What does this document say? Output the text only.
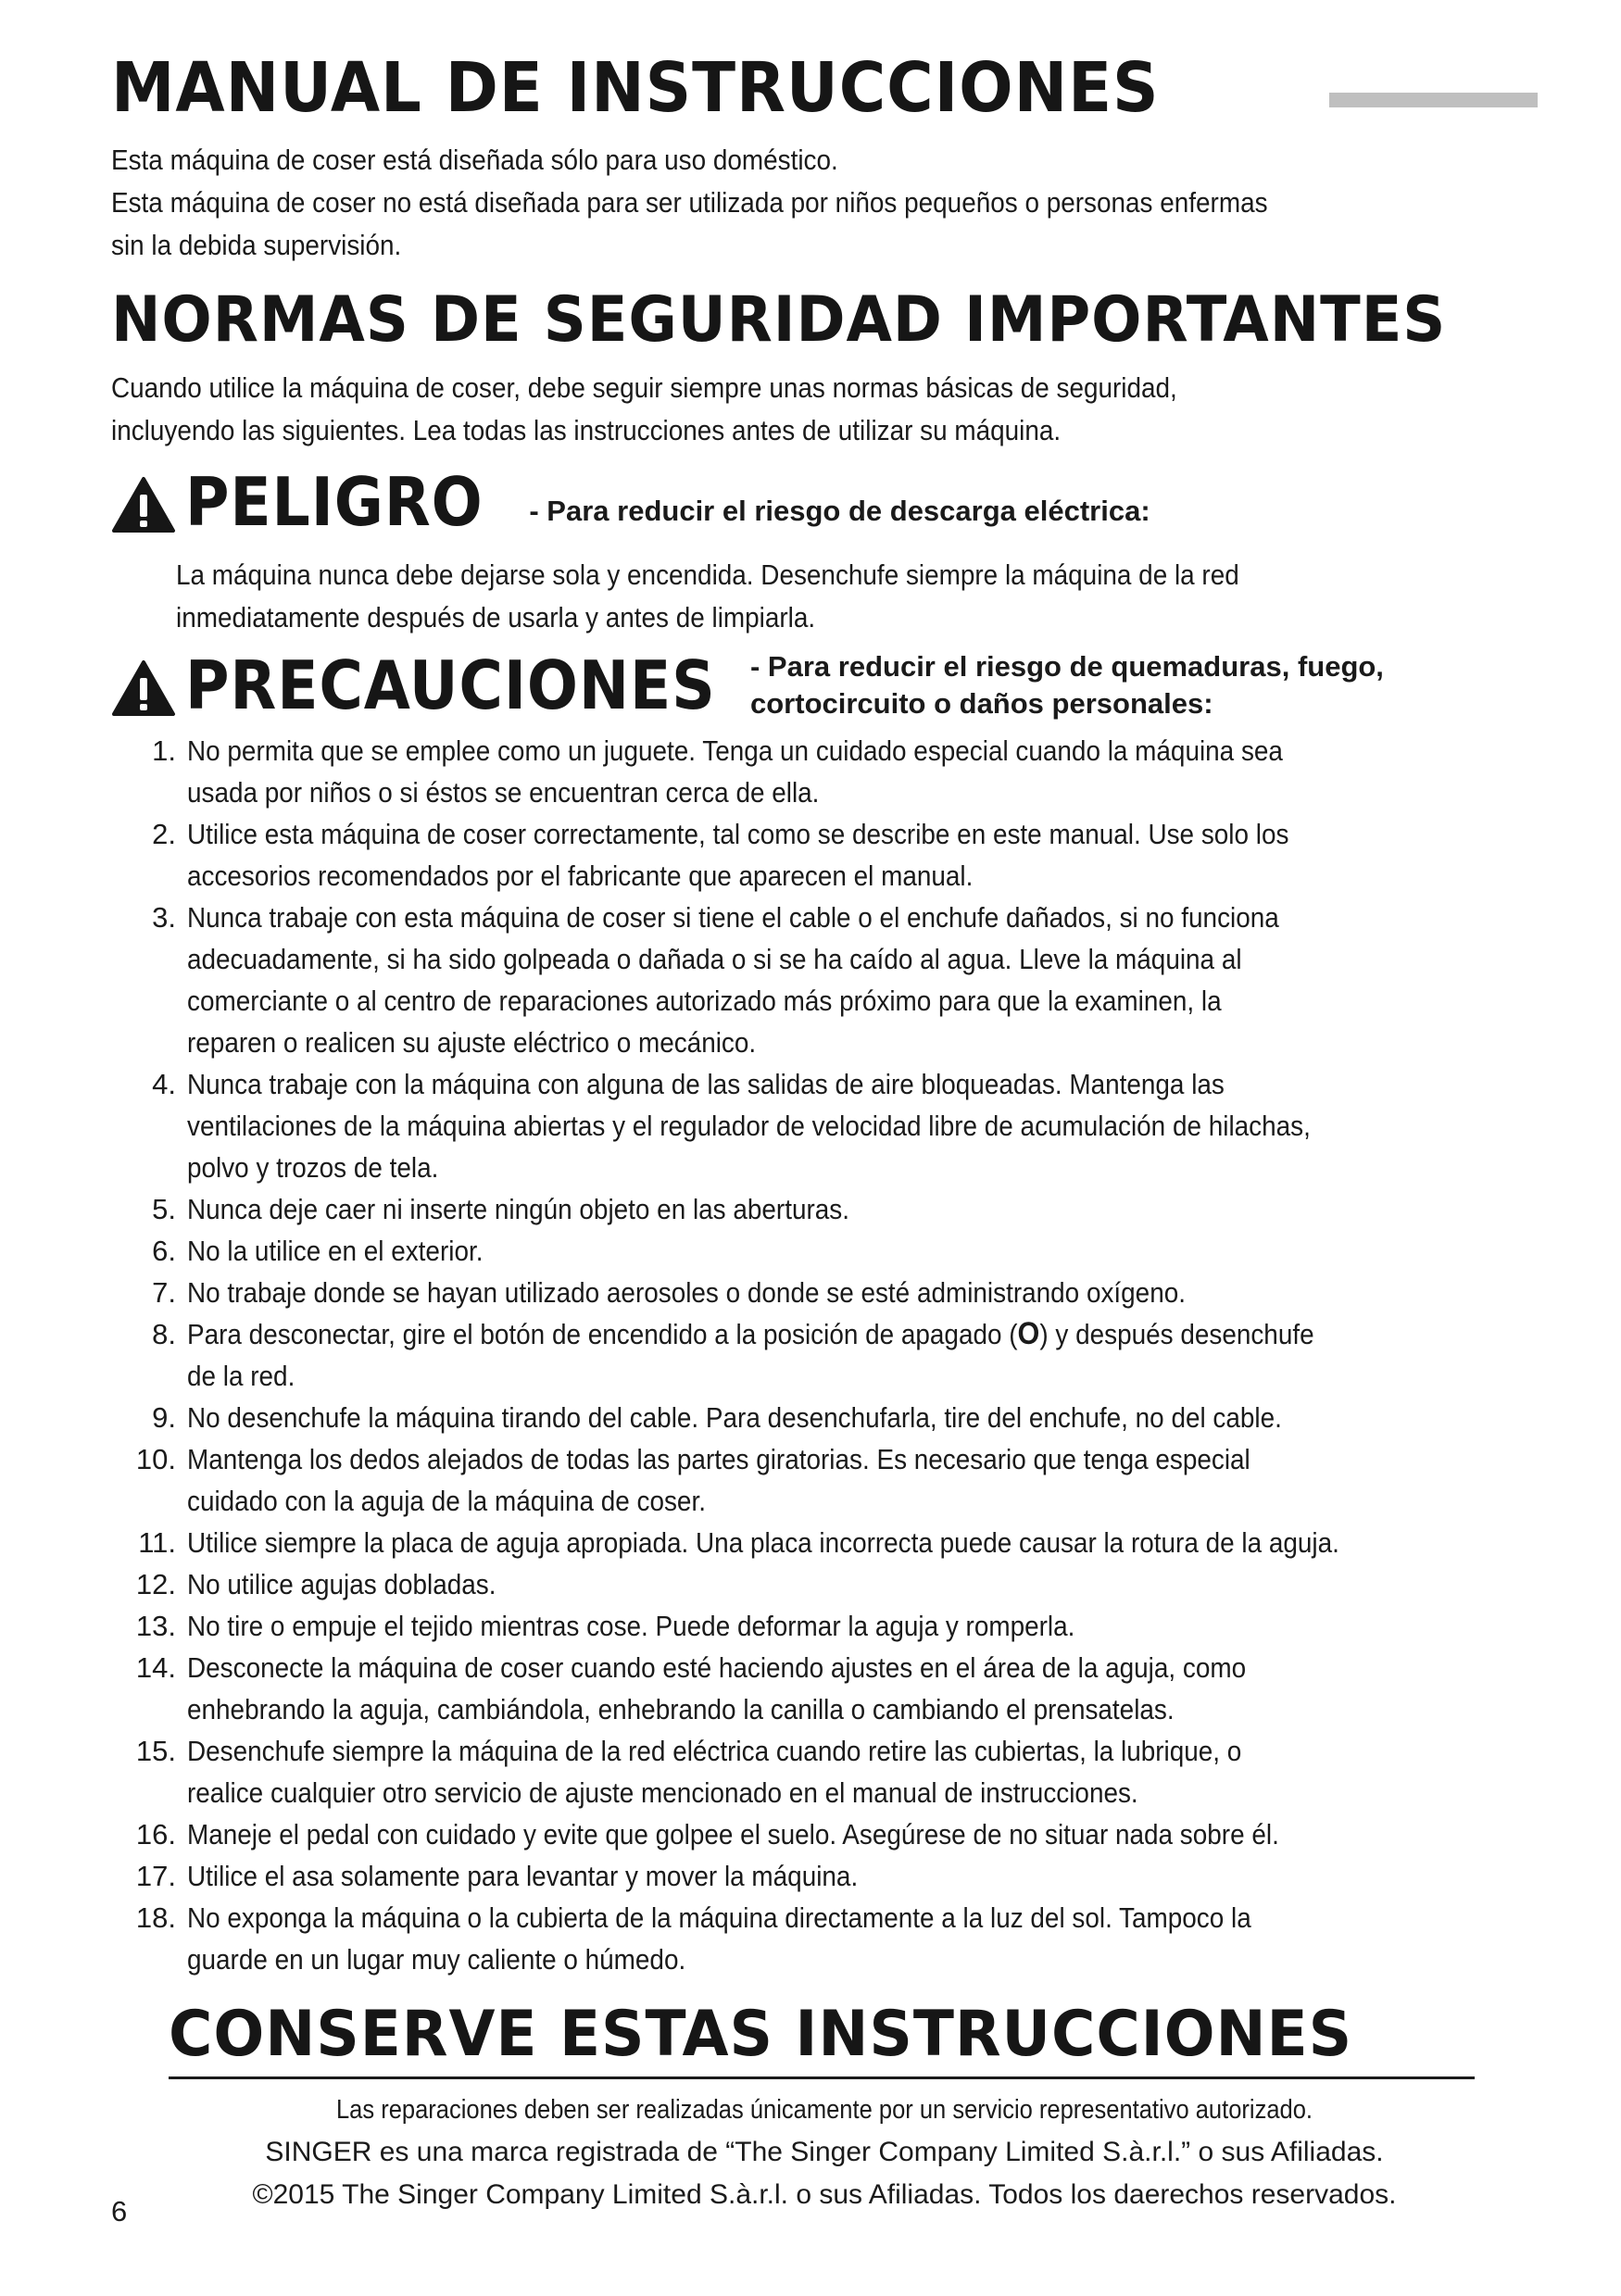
MANUAL DE INSTRUCCIONES

Esta máquina de coser está diseñada sólo para uso doméstico.

Esta máquina de coser no está diseñada para ser utilizada por niños pequeños o personas enfermas

sin la debida supervisión.

NORMAS DE SEGURIDAD IMPORTANTES

Cuando utilice la máquina de coser, debe seguir siempre unas normas básicas de seguridad,

incluyendo las siguientes. Lea todas las instrucciones antes de utilizar su máquina.

PELIGRO - Para reducir el riesgo de descarga eléctrica:

La máquina nunca debe dejarse sola y encendida. Desenchufe siempre la máquina de la red

inmediatamente después de usarla y antes de limpiarla.

PRECAUCIONES - Para reducir el riesgo de quemaduras, fuego,
cortocircuito o daños personales:
1. No permita que se emplee como un juguete. Tenga un cuidado especial cuando la máquina sea
usada por niños o si éstos se encuentran cerca de ella.
2. Utilice esta máquina de coser correctamente, tal como se describe en este manual. Use solo los
accesorios recomendados por el fabricante que aparecen el manual.
3. Nunca trabaje con esta máquina de coser si tiene el cable o el enchufe dañados, si no funciona
adecuadamente, si ha sido golpeada o dañada o si se ha caído al agua. Lleve la máquina al
comerciante o al centro de reparaciones autorizado más próximo para que la examinen, la
reparen o realicen su ajuste eléctrico o mecánico.
4. Nunca trabaje con la máquina con alguna de las salidas de aire bloqueadas. Mantenga las
ventilaciones de la máquina abiertas y el regulador de velocidad libre de acumulación de hilachas,
polvo y trozos de tela.
5. Nunca deje caer ni inserte ningún objeto en las aberturas.
6. No la utilice en el exterior.
7. No trabaje donde se hayan utilizado aerosoles o donde se esté administrando oxígeno.
8. Para desconectar, gire el botón de encendido a la posición de apagado (O) y después desenchufe
de la red.
9. No desenchufe la máquina tirando del cable. Para desenchufarla, tire del enchufe, no del cable.
10. Mantenga los dedos alejados de todas las partes giratorias. Es necesario que tenga especial
cuidado con la aguja de la máquina de coser.
11. Utilice siempre la placa de aguja apropiada. Una placa incorrecta puede causar la rotura de la aguja.
12. No utilice agujas dobladas.
13. No tire o empuje el tejido mientras cose. Puede deformar la aguja y romperla.
14. Desconecte la máquina de coser cuando esté haciendo ajustes en el área de la aguja, como
enhebrando la aguja, cambiándola, enhebrando la canilla o cambiando el prensatelas.
15. Desenchufe siempre la máquina de la red eléctrica cuando retire las cubiertas, la lubrique, o
realice cualquier otro servicio de ajuste mencionado en el manual de instrucciones.
16. Maneje el pedal con cuidado y evite que golpee el suelo. Asegúrese de no situar nada sobre él.
17. Utilice el asa solamente para levantar y mover la máquina.
18. No exponga la máquina o la cubierta de la máquina directamente a la luz del sol. Tampoco la
guarde en un lugar muy caliente o húmedo.
CONSERVE ESTAS INSTRUCCIONES

Las reparaciones deben ser realizadas únicamente por un servicio representativo autorizado.

SINGER es una marca registrada de “The Singer Company Limited S.à.r.l.” o sus Afiliadas.

©2015 The Singer Company Limited S.à.r.l. o sus Afiliadas. Todos los daerechos reservados.

6
